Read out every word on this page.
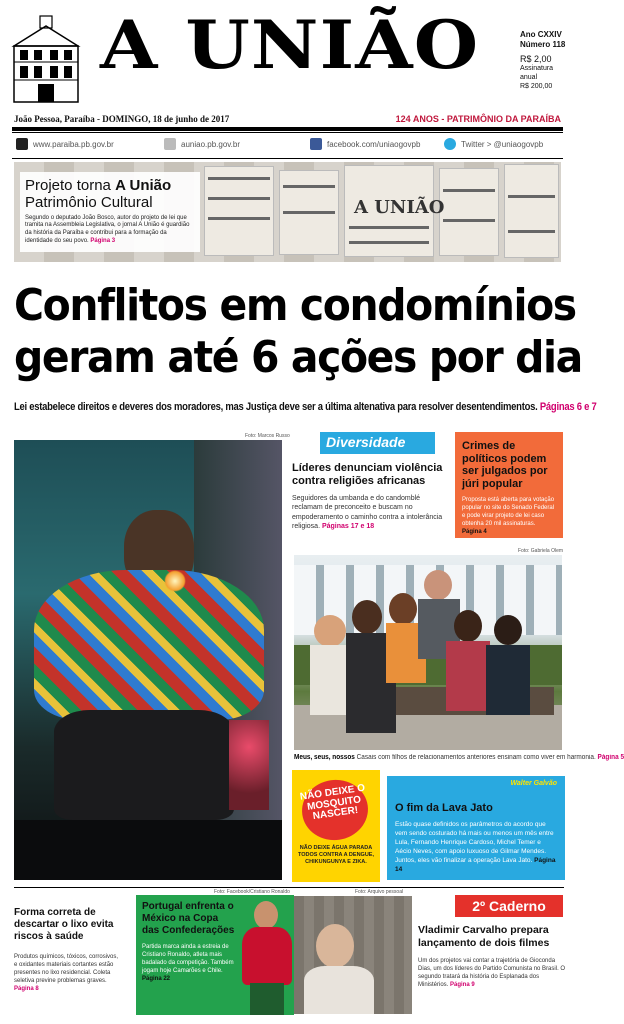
A UNIÃO	Ano CXXIV
Número 118
R$ 2,00
Assinatura anual
R$ 200,00
João Pessoa, Paraíba - DOMINGO, 18 de junho de 2017	124 ANOS - PATRIMÔNIO DA PARAÍBA
www.paraiba.pb.gov.br	auniao.pb.gov.br	facebook.com/uniaogovpb	Twitter > @uniaogovpb
A UNIÃO
Projeto torna A União
Patrimônio Cultural
Segundo o deputado João Bosco, autor do projeto de lei que tramita na Assembleia Legislativa, o jornal A União é guardião da história da Paraíba e contribui para a formação da identidade do seu povo. Página 3
Conflitos em condomínios
geram até 6 ações por dia
Lei estabelece direitos e deveres dos moradores, mas Justiça deve ser a última altenativa para resolver desentendimentos. Páginas 6 e 7
Foto: Marcos Russo	Diversidade
Líderes denunciam violência contra religiões africanas
Seguidores da umbanda e do candomblé reclamam de preconceito e buscam no empoderamento o caminho contra a intolerância religiosa. Páginas 17 e 18
Crimes de políticos podem ser julgados por júri popular
Proposta está aberta para votação popular no site do Senado Federal e pode virar projeto de lei caso obtenha 20 mil assinaturas. Página 4
Foto: Gabriela Olem
Meus, seus, nossos Casais com filhos de relacionamentos anteriores ensinam como viver em harmonia. Página 5
NÃO DEIXE O MOSQUITO NASCER!
NÃO DEIXE ÁGUA PARADA TODOS CONTRA A DENGUE, CHIKUNGUNYA E ZIKA.
Walter Galvão
O fim da Lava Jato
Estão quase definidos os parâmetros do acordo que vem sendo costurado há mais ou menos um mês entre Lula, Fernando Henrique Cardoso, Michel Temer e Aécio Neves, com apoio luxuoso de Gilmar Mendes. Juntos, eles vão finalizar a operação Lava Jato. Página 14
Forma correta de descartar o lixo evita riscos à saúde
Produtos químicos, tóxicos, corrosivos, e oxidantes materiais cortantes estão presentes no lixo residencial. Coleta seletiva previne problemas graves. Página 8
Foto: Facebook/Cristiano Ronaldo
Portugal enfrenta o México na Copa das Confederações
Partida marca ainda a estreia de Cristiano Ronaldo, atleta mais badalado da competição. Também jogam hoje Camarões e Chile. Página 22
Foto: Arquivo pessoal
2º Caderno
Vladimir Carvalho prepara lançamento de dois filmes
Um dos projetos vai contar a trajetória de Gioconda Dias, um dos líderes do Partido Comunista no Brasil. O segundo tratará da história do Esplanada dos Ministérios. Página 9
